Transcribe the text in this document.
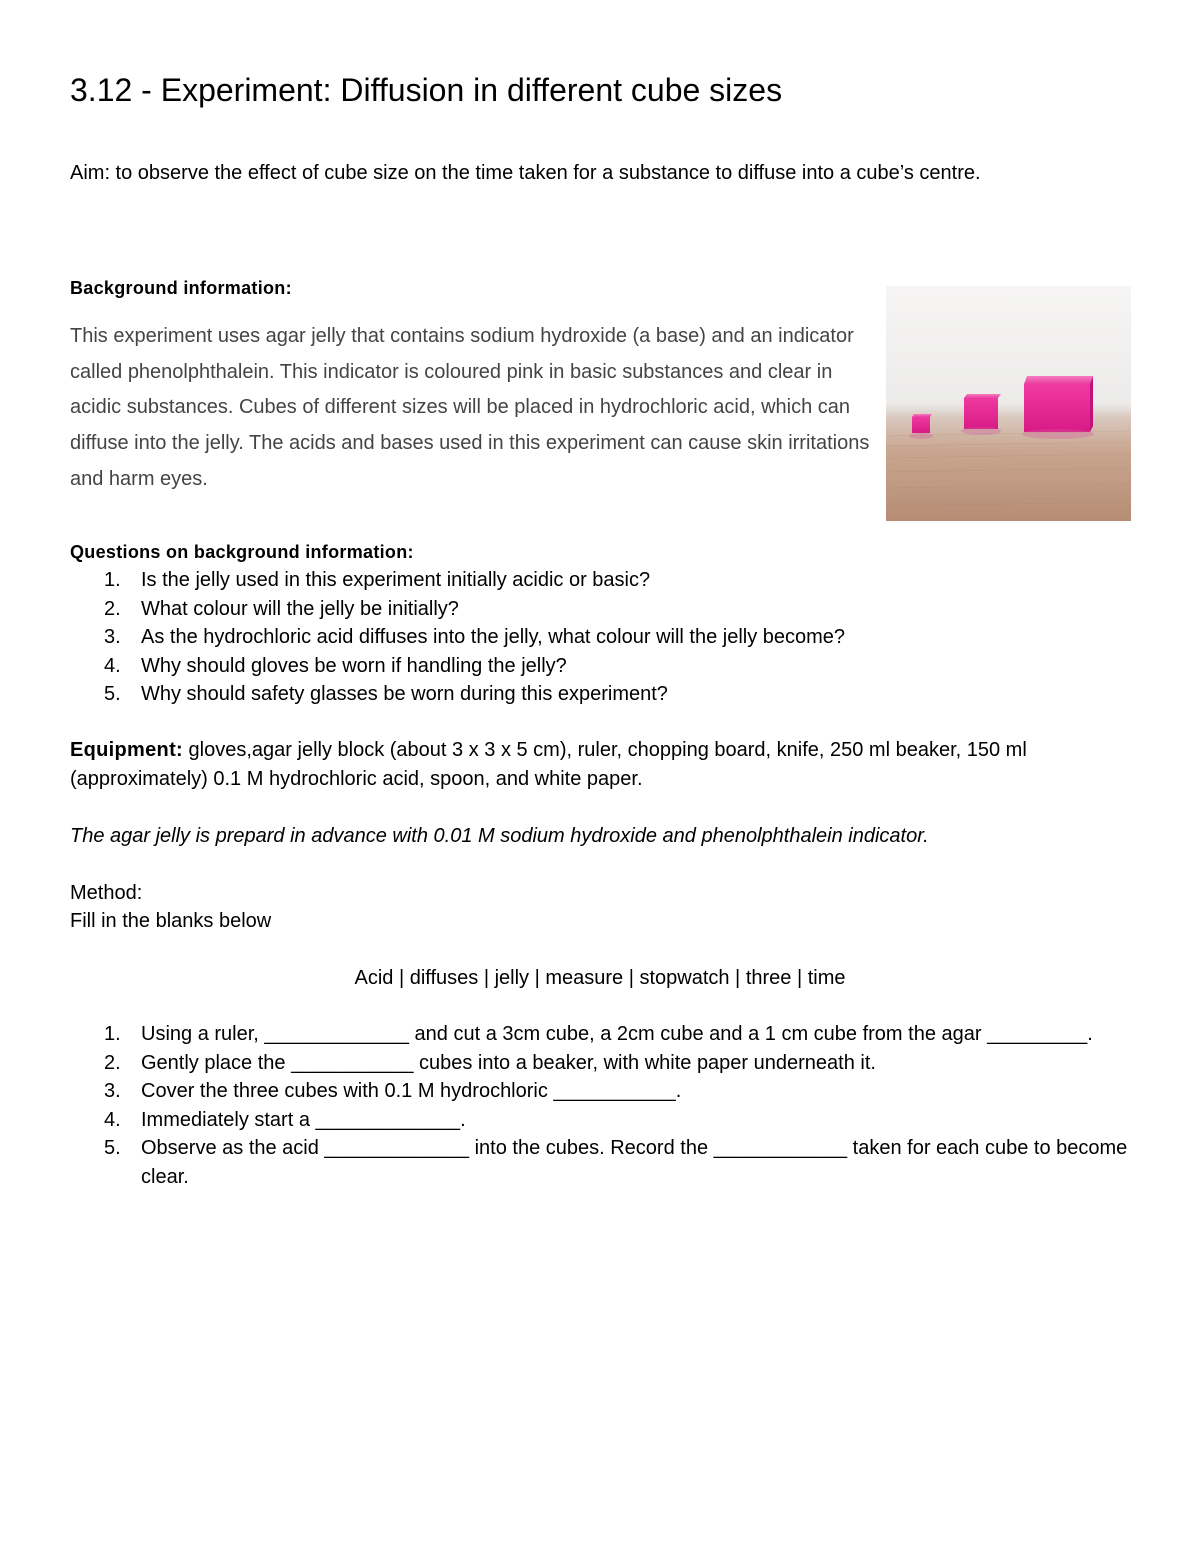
3.12 - Experiment: Diffusion in different cube sizes
Aim: to observe the effect of cube size on the time taken for a substance to diffuse into a cube’s centre.
Background information:
This experiment uses agar jelly that contains sodium hydroxide (a base) and an indicator called phenolphthalein. This indicator is coloured pink in basic substances and clear in acidic substances. Cubes of different sizes will be placed in hydrochloric acid, which can diffuse into the jelly. The acids and bases used in this experiment can cause skin irritations and harm eyes.
Questions on background information:
1. Is the jelly used in this experiment initially acidic or basic?
2. What colour will the jelly be initially?
3. As the hydrochloric acid diffuses into the jelly, what colour will the jelly become?
4. Why should gloves be worn if handling the jelly?
5. Why should safety glasses be worn during this experiment?
Equipment: gloves,agar jelly block (about 3 x 3 x 5 cm), ruler, chopping board, knife, 250 ml beaker, 150 ml (approximately) 0.1 M hydrochloric acid, spoon, and white paper.
The agar jelly is prepard in advance with 0.01 M sodium hydroxide and phenolphthalein indicator.
Method:
Fill in the blanks below
Acid | diffuses | jelly | measure | stopwatch | three | time
1. Using a ruler, _____________ and cut a 3cm cube, a 2cm cube and a 1 cm cube from the agar _________.
2. Gently place the ___________ cubes into a beaker, with white paper underneath it.
3. Cover the three cubes with 0.1 M hydrochloric ___________.
4. Immediately start a _____________.
5. Observe as the acid _____________ into the cubes. Record the ____________ taken for each cube to become clear.
